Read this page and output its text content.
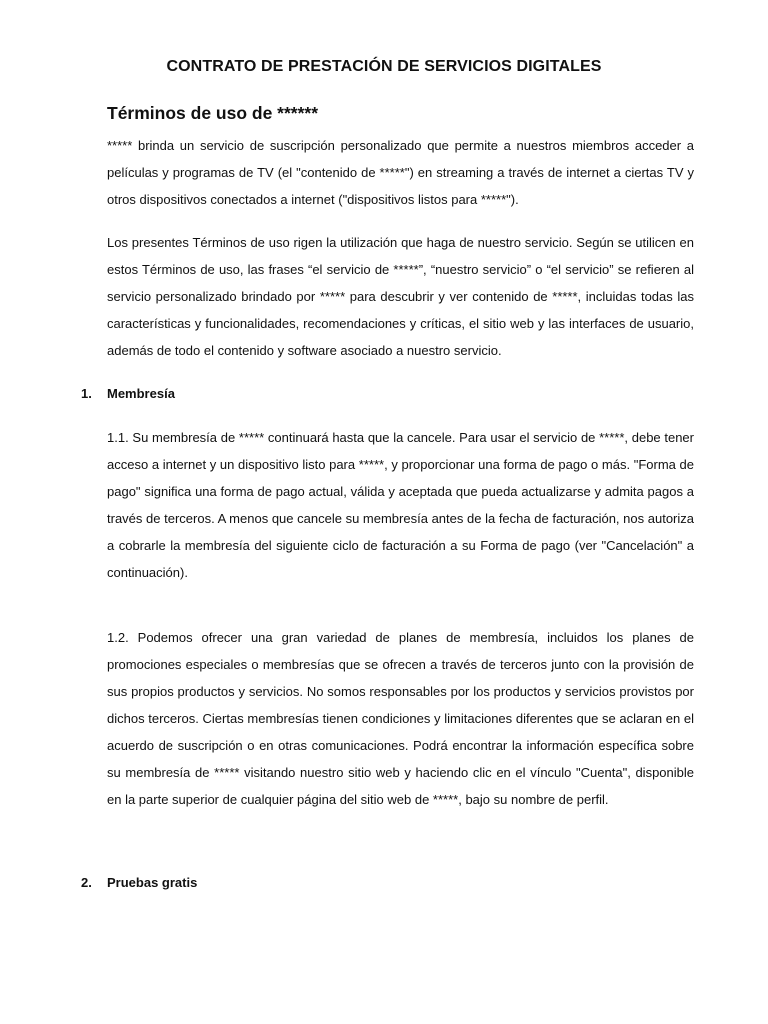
CONTRATO DE PRESTACIÓN DE SERVICIOS DIGITALES
Términos de uso de ******

***** brinda un servicio de suscripción personalizado que permite a nuestros miembros acceder a películas y programas de TV (el "contenido de *****") en streaming a través de internet a ciertas TV y otros dispositivos conectados a internet ("dispositivos listos para *****").

Los presentes Términos de uso rigen la utilización que haga de nuestro servicio. Según se utilicen en estos Términos de uso, las frases “el servicio de *****”, “nuestro servicio” o “el servicio” se refieren al servicio personalizado brindado por ***** para descubrir y ver contenido de *****, incluidas todas las características y funcionalidades, recomendaciones y críticas, el sitio web y las interfaces de usuario, además de todo el contenido y software asociado a nuestro servicio.

1. Membresía

1.1. Su membresía de ***** continuará hasta que la cancele. Para usar el servicio de *****, debe tener acceso a internet y un dispositivo listo para *****, y proporcionar una forma de pago o más. "Forma de pago" significa una forma de pago actual, válida y aceptada que pueda actualizarse y admita pagos a través de terceros. A menos que cancele su membresía antes de la fecha de facturación, nos autoriza a cobrarle la membresía del siguiente ciclo de facturación a su Forma de pago (ver "Cancelación" a continuación).

1.2. Podemos ofrecer una gran variedad de planes de membresía, incluidos los planes de promociones especiales o membresías que se ofrecen a través de terceros junto con la provisión de sus propios productos y servicios. No somos responsables por los productos y servicios provistos por dichos terceros. Ciertas membresías tienen condiciones y limitaciones diferentes que se aclaran en el acuerdo de suscripción o en otras comunicaciones. Podrá encontrar la información específica sobre su membresía de ***** visitando nuestro sitio web y haciendo clic en el vínculo "Cuenta", disponible en la parte superior de cualquier página del sitio web de *****, bajo su nombre de perfil.

2. Pruebas gratis
